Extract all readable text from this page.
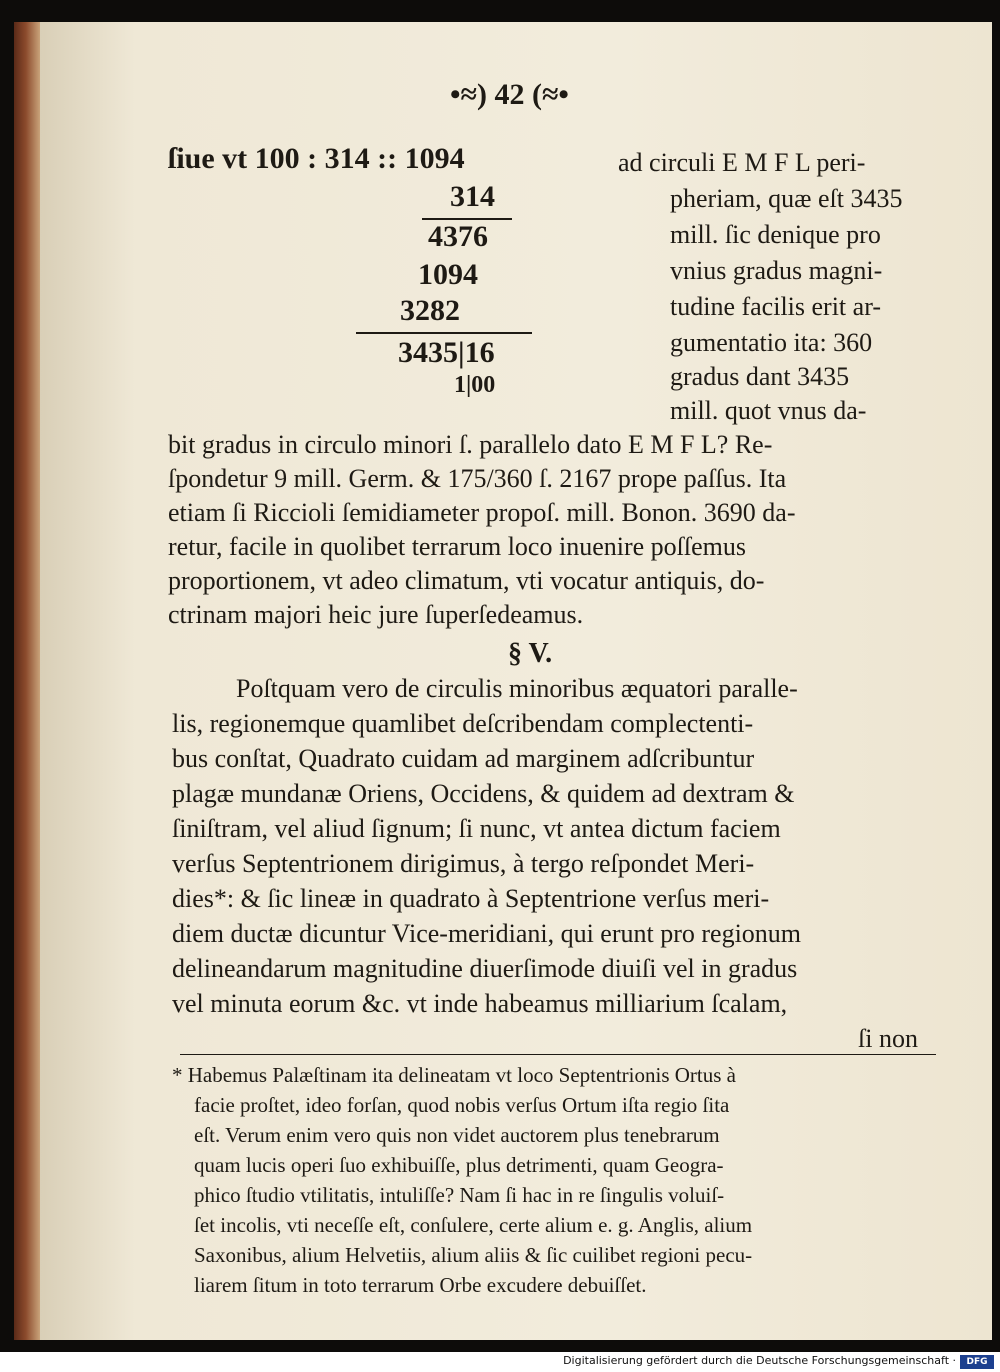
•≈) 42 (≈•
ſiue vt 100 : 314 :: 1094
314
4376
1094
3282
3435|16
1|00
ad circuli E M F L peri-
pheriam, quæ eſt 3435
mill. ſic denique pro
vnius gradus magni-
tudine facilis erit ar-
gumentatio ita: 360
gradus dant 3435
mill. quot vnus da-
bit gradus in circulo minori ſ. parallelo dato E M F L? Re-
ſpondetur 9 mill. Germ. & 175/360 ſ. 2167 prope paſſus. Ita
etiam ſi Riccioli ſemidiameter propoſ. mill. Bonon. 3690 da-
retur, facile in quolibet terrarum loco inuenire poſſemus
proportionem, vt adeo climatum, vti vocatur antiquis, do-
ctrinam majori heic jure ſuperſedeamus.
§ V.
Poſtquam vero de circulis minoribus æquatori paralle-
lis, regionemque quamlibet deſcribendam complectenti-
bus conſtat, Quadrato cuidam ad marginem adſcribuntur
plagæ mundanæ Oriens, Occidens, & quidem ad dextram &
ſiniſtram, vel aliud ſignum; ſi nunc, vt antea dictum faciem
verſus Septentrionem dirigimus, à tergo reſpondet Meri-
dies*: & ſic lineæ in quadrato à Septentrione verſus meri-
diem ductæ dicuntur Vice-meridiani, qui erunt pro regionum
delineandarum magnitudine diuerſimode diuiſi vel in gradus
vel minuta eorum &c. vt inde habeamus milliarium ſcalam,
ſi non
* Habemus Palæſtinam ita delineatam vt loco Septentrionis Ortus à
facie proſtet, ideo forſan, quod nobis verſus Ortum iſta regio ſita
eſt. Verum enim vero quis non videt auctorem plus tenebrarum
quam lucis operi ſuo exhibuiſſe, plus detrimenti, quam Geogra-
phico ſtudio vtilitatis, intuliſſe? Nam ſi hac in re ſingulis voluiſ-
ſet incolis, vti neceſſe eſt, conſulere, certe alium e. g. Anglis, alium
Saxonibus, alium Helvetiis, alium aliis & ſic cuilibet regioni pecu-
liarem ſitum in toto terrarum Orbe excudere debuiſſet.
Digitalisierung gefördert durch die Deutsche Forschungsgemeinschaft ·	DFG
